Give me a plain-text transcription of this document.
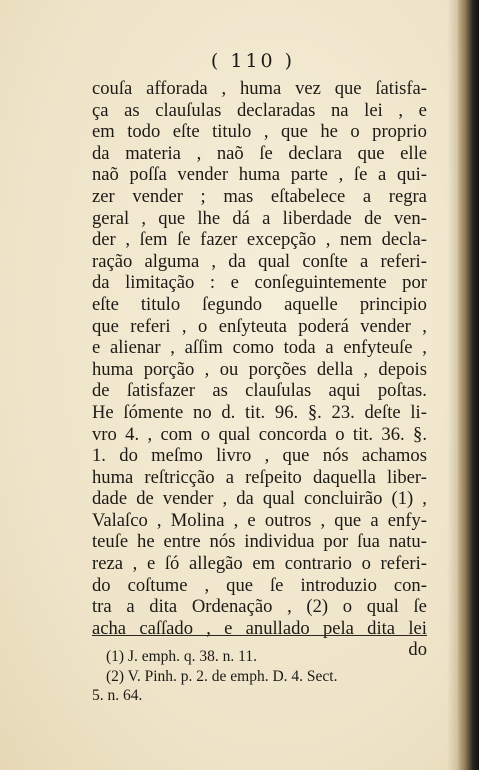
( 110 )
couſa afforada , huma vez que ſatisfa-
ça as clauſulas declaradas na lei , e
em todo eſte titulo , que he o proprio
da materia , naõ ſe declara que elle
naõ poſſa vender huma parte , ſe a qui-
zer vender ; mas eſtabelece a regra
geral , que lhe dá a liberdade de ven-
der , ſem ſe fazer excepção , nem decla-
ração alguma , da qual conſte a referi-
da limitação : e conſeguintemente por
eſte titulo ſegundo aquelle principio
que referi , o enſyteuta poderá vender ,
e alienar , aſſim como toda a enfyteuſe ,
huma porção , ou porções della , depois
de ſatisfazer as clauſulas aqui poſtas.
He ſómente no d. tit. 96. §. 23. deſte li-
vro 4. , com o qual concorda o tit. 36. §.
1. do meſmo livro , que nós achamos
huma reſtricção a reſpeito daquella liber-
dade de vender , da qual concluirão (1) ,
Valaſco , Molina , e outros , que a enfy-
teuſe he entre nós individua por ſua natu-
reza , e ſó allegão em contrario o referi-
do coſtume , que ſe introduzio con-
tra a dita Ordenação , (2) o qual ſe
acha caſſado , e anullado pela dita lei
do
(1) J. emph. q. 38. n. 11.
(2) V. Pinh. p. 2. de emph. D. 4. Sect.
5. n. 64.
